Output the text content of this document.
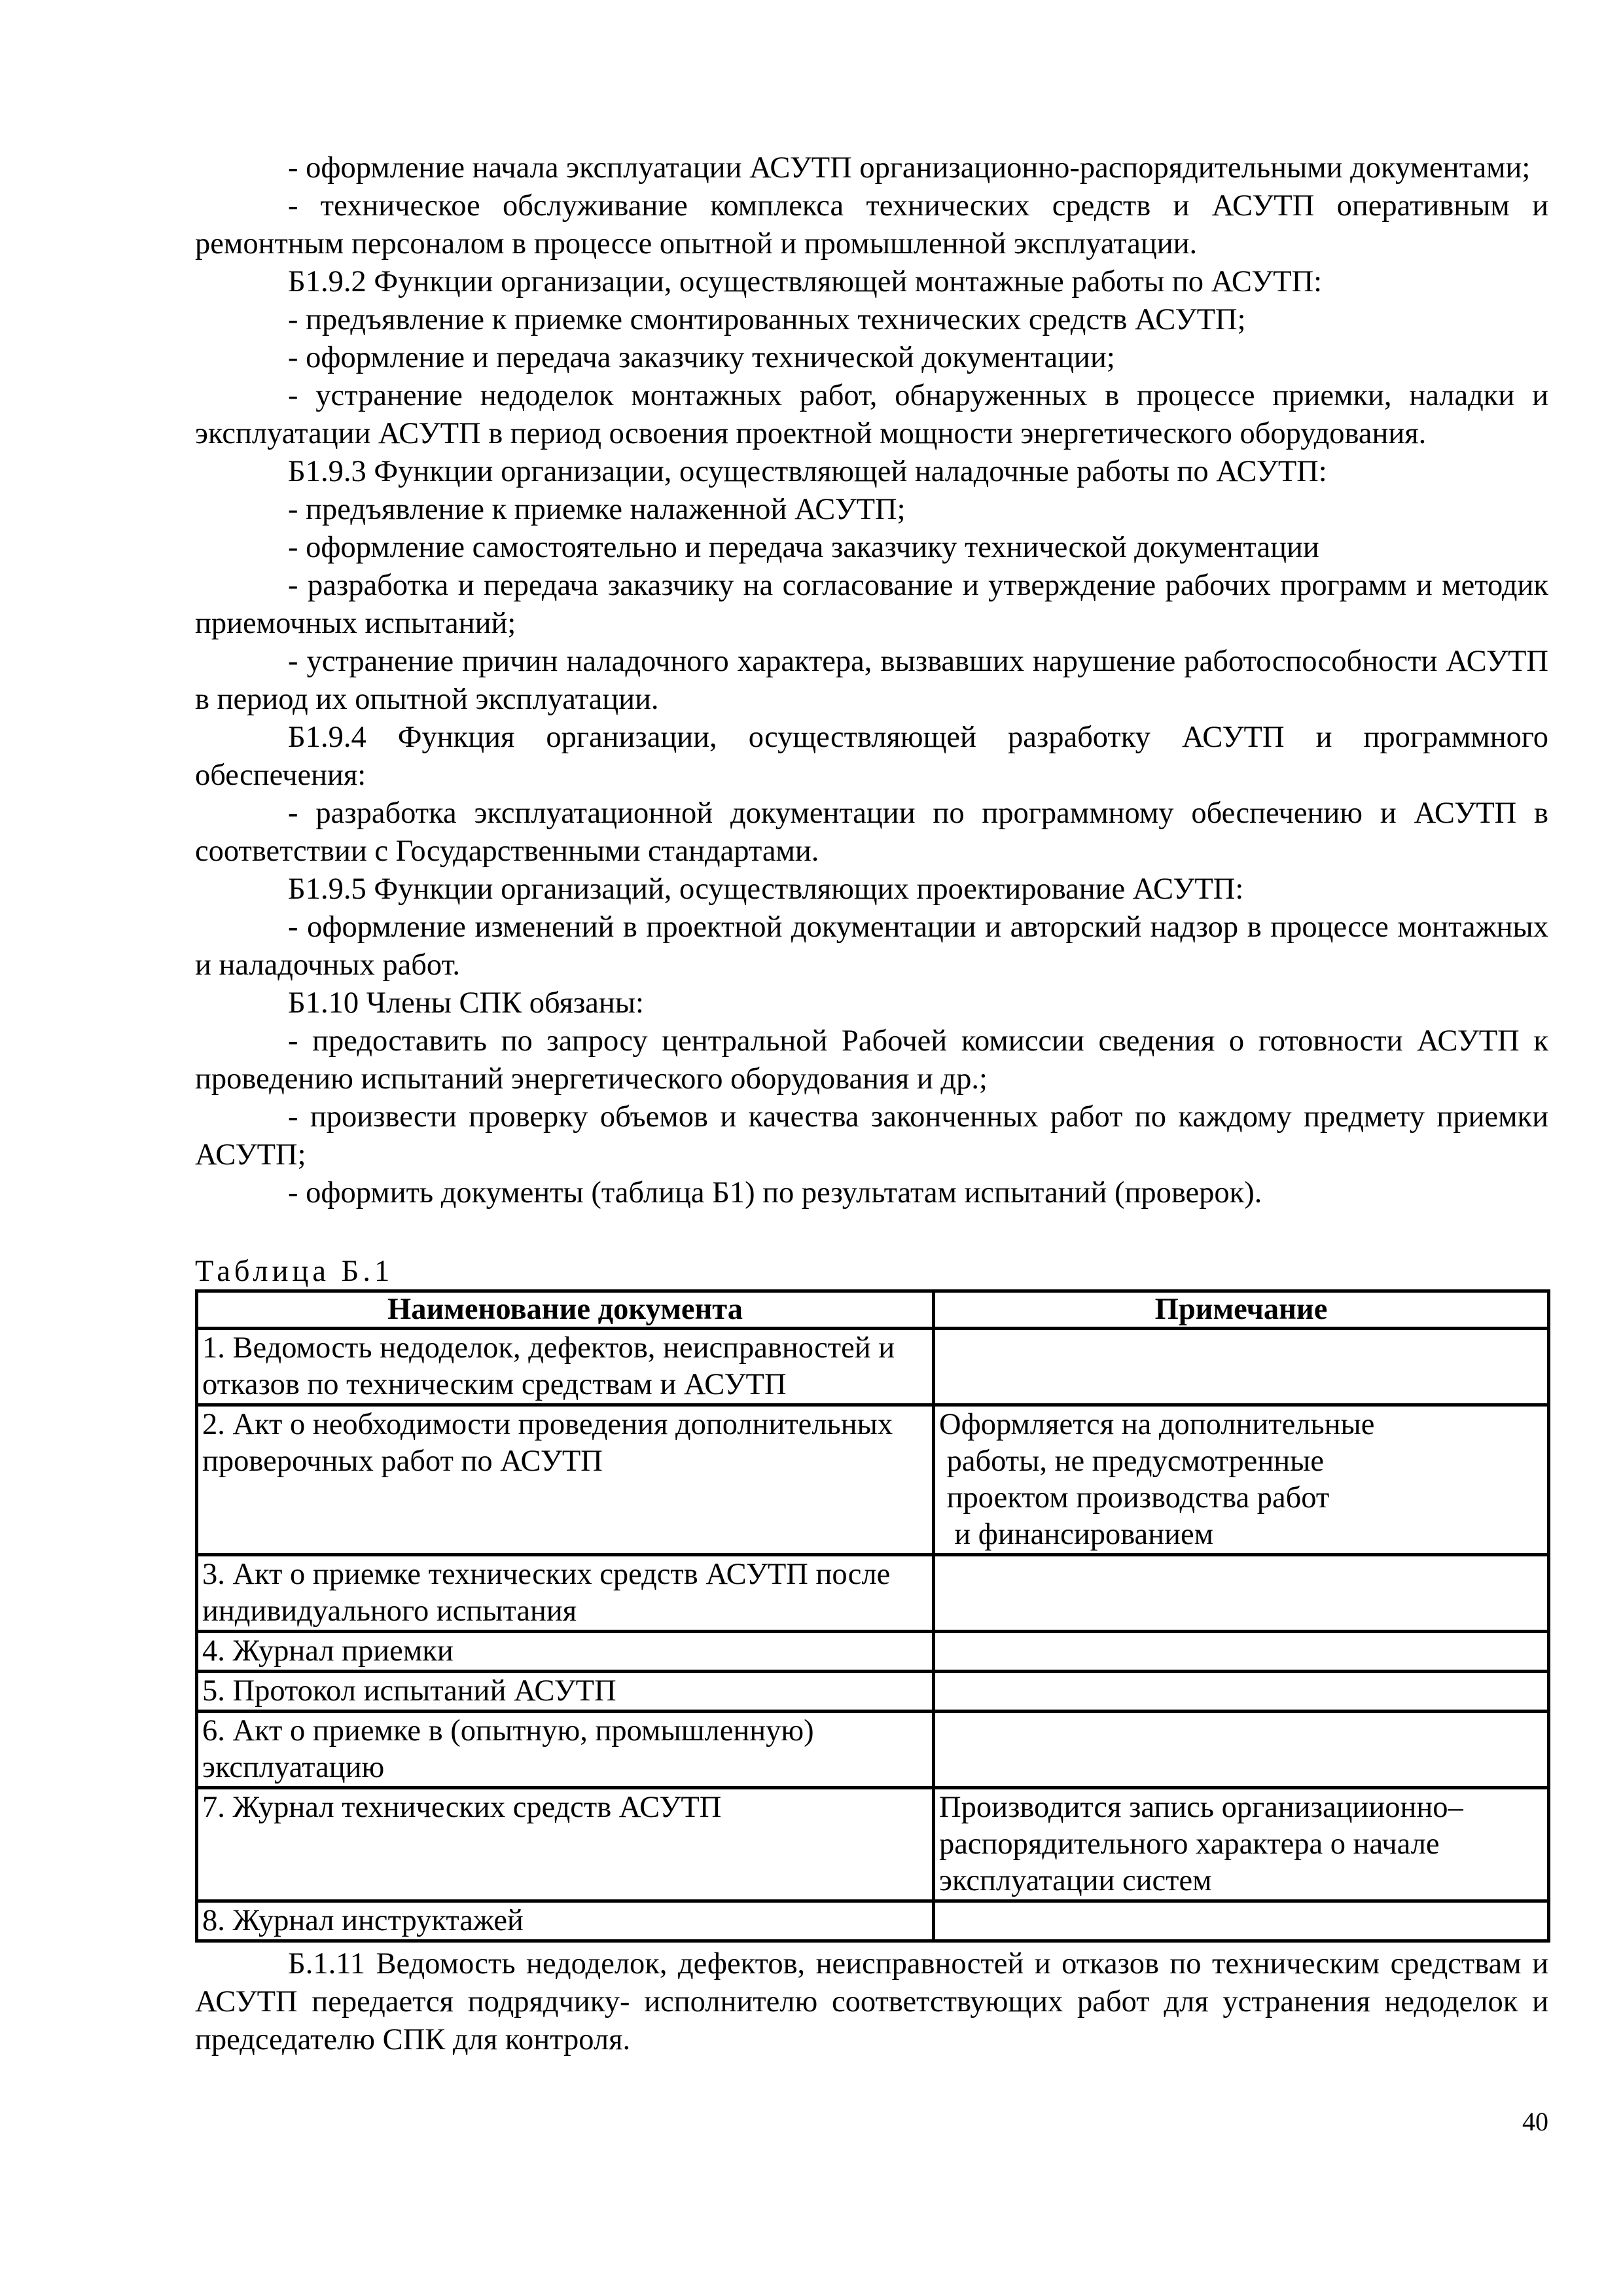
- оформление начала эксплуатации АСУТП организационно-распорядительными документами;

- техническое обслуживание комплекса технических средств и АСУТП оперативным и ремонтным персоналом в процессе опытной и промышленной эксплуатации.

Б1.9.2 Функции организации, осуществляющей монтажные работы по АСУТП:

- предъявление к приемке смонтированных технических средств АСУТП;

- оформление и передача заказчику технической документации;

- устранение недоделок монтажных работ, обнаруженных в процессе приемки, наладки и эксплуатации АСУТП в период освоения проектной мощности энергетического оборудования.

Б1.9.3 Функции организации, осуществляющей наладочные работы по АСУТП:

- предъявление к приемке налаженной АСУТП;

- оформление самостоятельно и передача заказчику технической документации

- разработка и передача заказчику на согласование и утверждение рабочих программ и методик приемочных испытаний;

- устранение причин наладочного характера, вызвавших нарушение работоспособности АСУТП в период их опытной эксплуатации.

Б1.9.4 Функция организации, осуществляющей разработку АСУТП и программного обеспечения:

- разработка эксплуатационной документации по программному обеспечению и АСУТП в соответствии с Государственными стандартами.

Б1.9.5 Функции организаций, осуществляющих проектирование АСУТП:

- оформление изменений в проектной документации и авторский надзор в процессе монтажных и наладочных работ.

Б1.10 Члены СПК обязаны:

- предоставить по запросу центральной Рабочей комиссии сведения о готовности АСУТП к проведению испытаний энергетического оборудования и др.;

- произвести проверку объемов и качества законченных работ по каждому предмету приемки АСУТП;

- оформить документы (таблица Б1) по результатам испытаний (проверок).

Таблица Б.1
Наименование документа	Примечание
1. Ведомость недоделок, дефектов, неисправностей и отказов по техническим средствам и АСУТП	
2. Акт о необходимости проведения дополнительных проверочных работ по АСУТП	Оформляется на дополнительные
работы, не предусмотренные
проектом производства работ
и финансированием

3. Акт о приемке технических средств АСУТП после индивидуального испытания	
4. Журнал приемки	
5. Протокол испытаний АСУТП	
6. Акт о приемке в (опытную, промышленную) эксплуатацию	
7. Журнал технических средств АСУТП	Производится запись организациионно–распорядительного характера о начале эксплуатации систем
8. Журнал инструктажей	

Б.1.11 Ведомость недоделок, дефектов, неисправностей и отказов по техническим средствам и АСУТП передается подрядчику- исполнителю соответствующих работ для устранения недоделок и председателю СПК для контроля.

40
